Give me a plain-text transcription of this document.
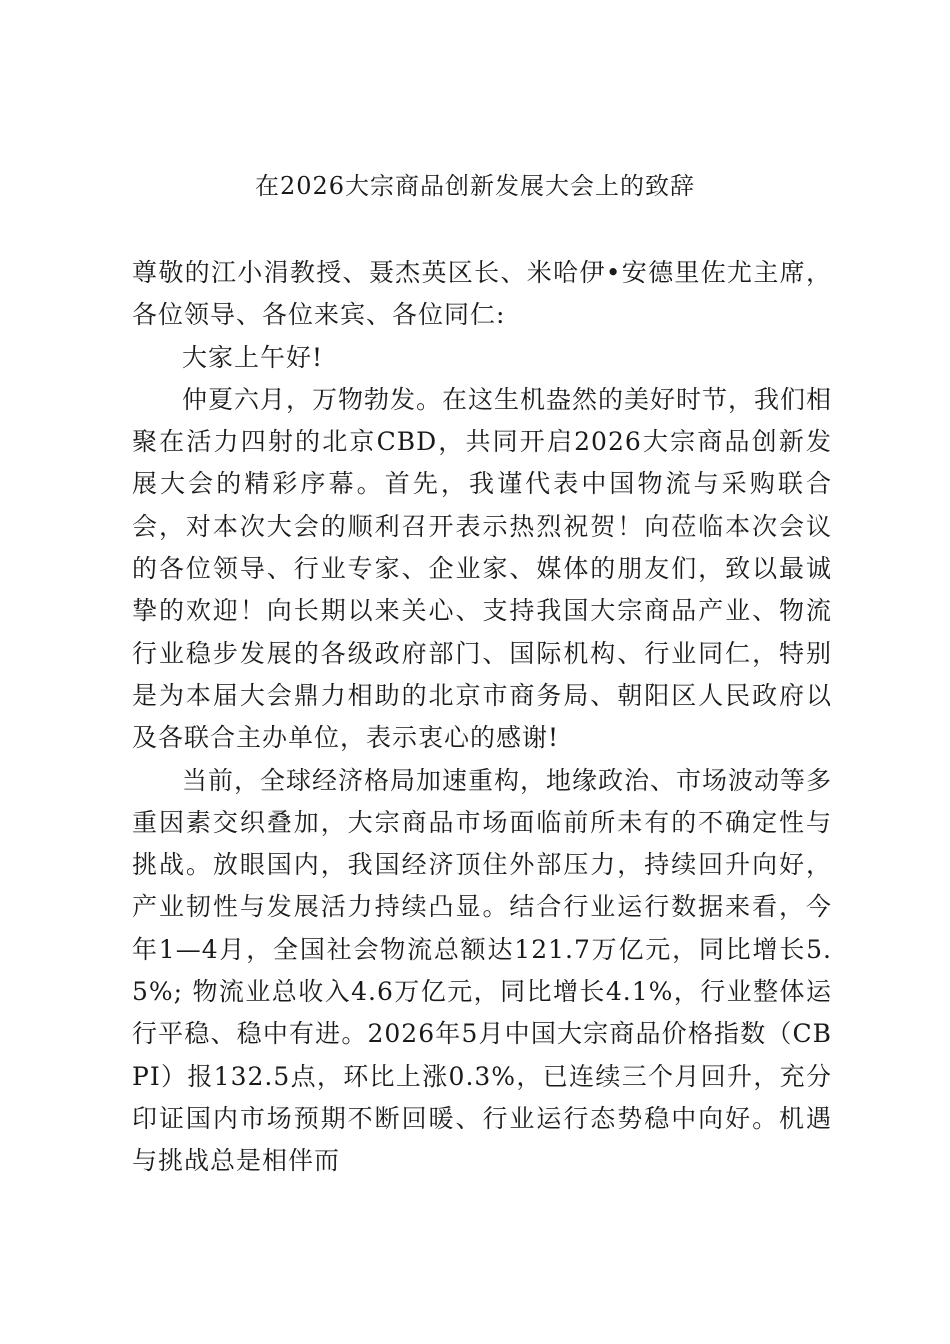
在2026大宗商品创新发展大会上的致辞

尊敬的江小涓教授、聂杰英区长、米哈伊•安德里佐尤主席，各位领导、各位来宾、各位同仁:

大家上午好!

仲夏六月，万物勃发。在这生机盎然的美好时节，我们相聚在活力四射的北京CBD，共同开启2026大宗商品创新发展大会的精彩序幕。首先，我谨代表中国物流与采购联合会，对本次大会的顺利召开表示热烈祝贺！向莅临本次会议的各位领导、行业专家、企业家、媒体的朋友们，致以最诚挚的欢迎！向长期以来关心、支持我国大宗商品产业、物流行业稳步发展的各级政府部门、国际机构、行业同仁，特别是为本届大会鼎力相助的北京市商务局、朝阳区人民政府以及各联合主办单位，表示衷心的感谢!

当前，全球经济格局加速重构，地缘政治、市场波动等多重因素交织叠加，大宗商品市场面临前所未有的不确定性与挑战。放眼国内，我国经济顶住外部压力，持续回升向好，产业韧性与发展活力持续凸显。结合行业运行数据来看，今年1—4月，全国社会物流总额达121.7万亿元，同比增长5.5%; 物流业总收入4.6万亿元，同比增长4.1%，行业整体运行平稳、稳中有进。2026年5月中国大宗商品价格指数（CBPI）报132.5点，环比上涨0.3%，已连续三个月回升，充分印证国内市场预期不断回暖、行业运行态势稳中向好。机遇与挑战总是相伴而
